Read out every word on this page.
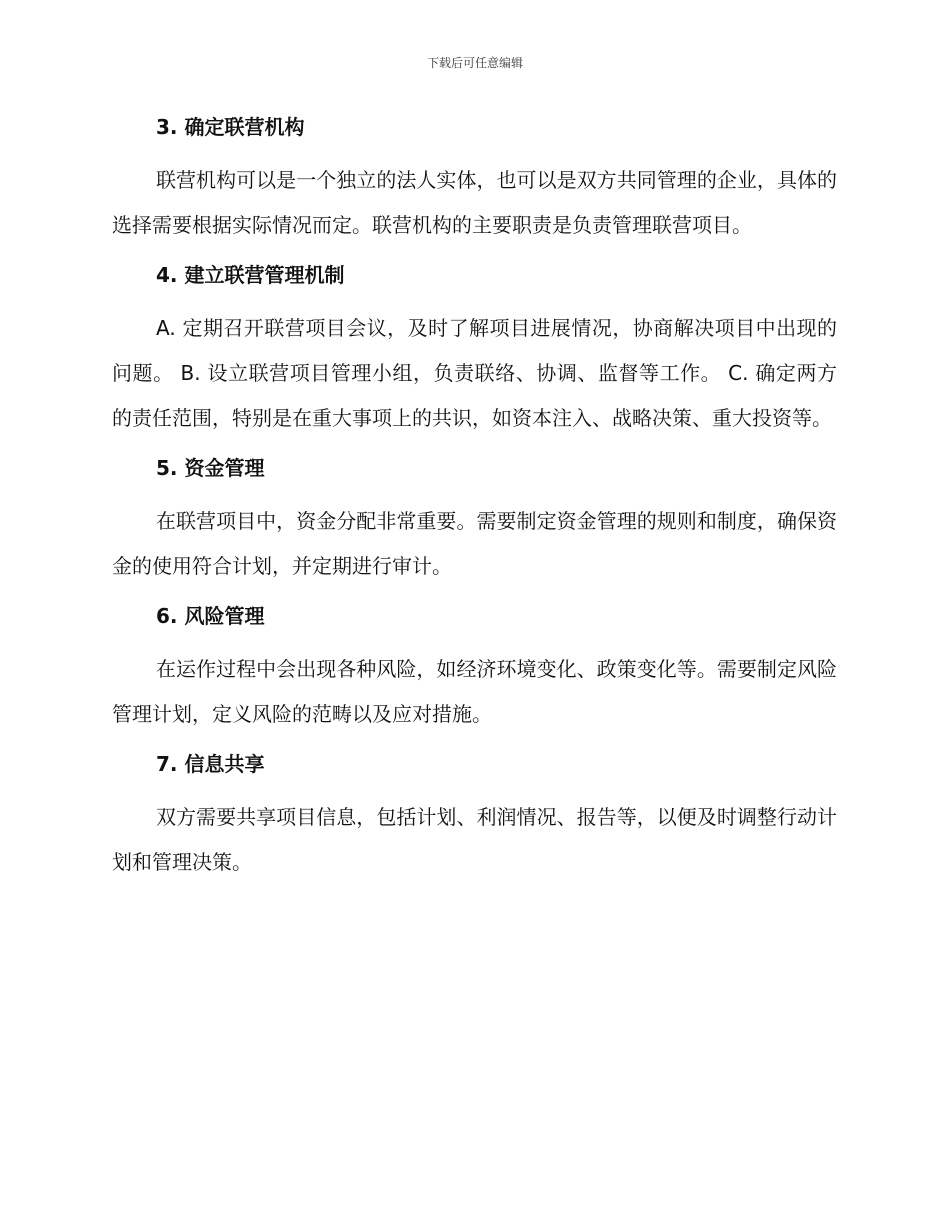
下载后可任意编辑
3. 确定联营机构

联营机构可以是一个独立的法人实体，也可以是双方共同管理的企业，具体的选择需要根据实际情况而定。联营机构的主要职责是负责管理联营项目。

4. 建立联营管理机制

A. 定期召开联营项目会议，及时了解项目进展情况，协商解决项目中出现的问题。 B. 设立联营项目管理小组，负责联络、协调、监督等工作。 C. 确定两方的责任范围，特别是在重大事项上的共识，如资本注入、战略决策、重大投资等。

5. 资金管理

在联营项目中，资金分配非常重要。需要制定资金管理的规则和制度，确保资金的使用符合计划，并定期进行审计。

6. 风险管理

在运作过程中会出现各种风险，如经济环境变化、政策变化等。需要制定风险管理计划，定义风险的范畴以及应对措施。

7. 信息共享

双方需要共享项目信息，包括计划、利润情况、报告等，以便及时调整行动计划和管理决策。
